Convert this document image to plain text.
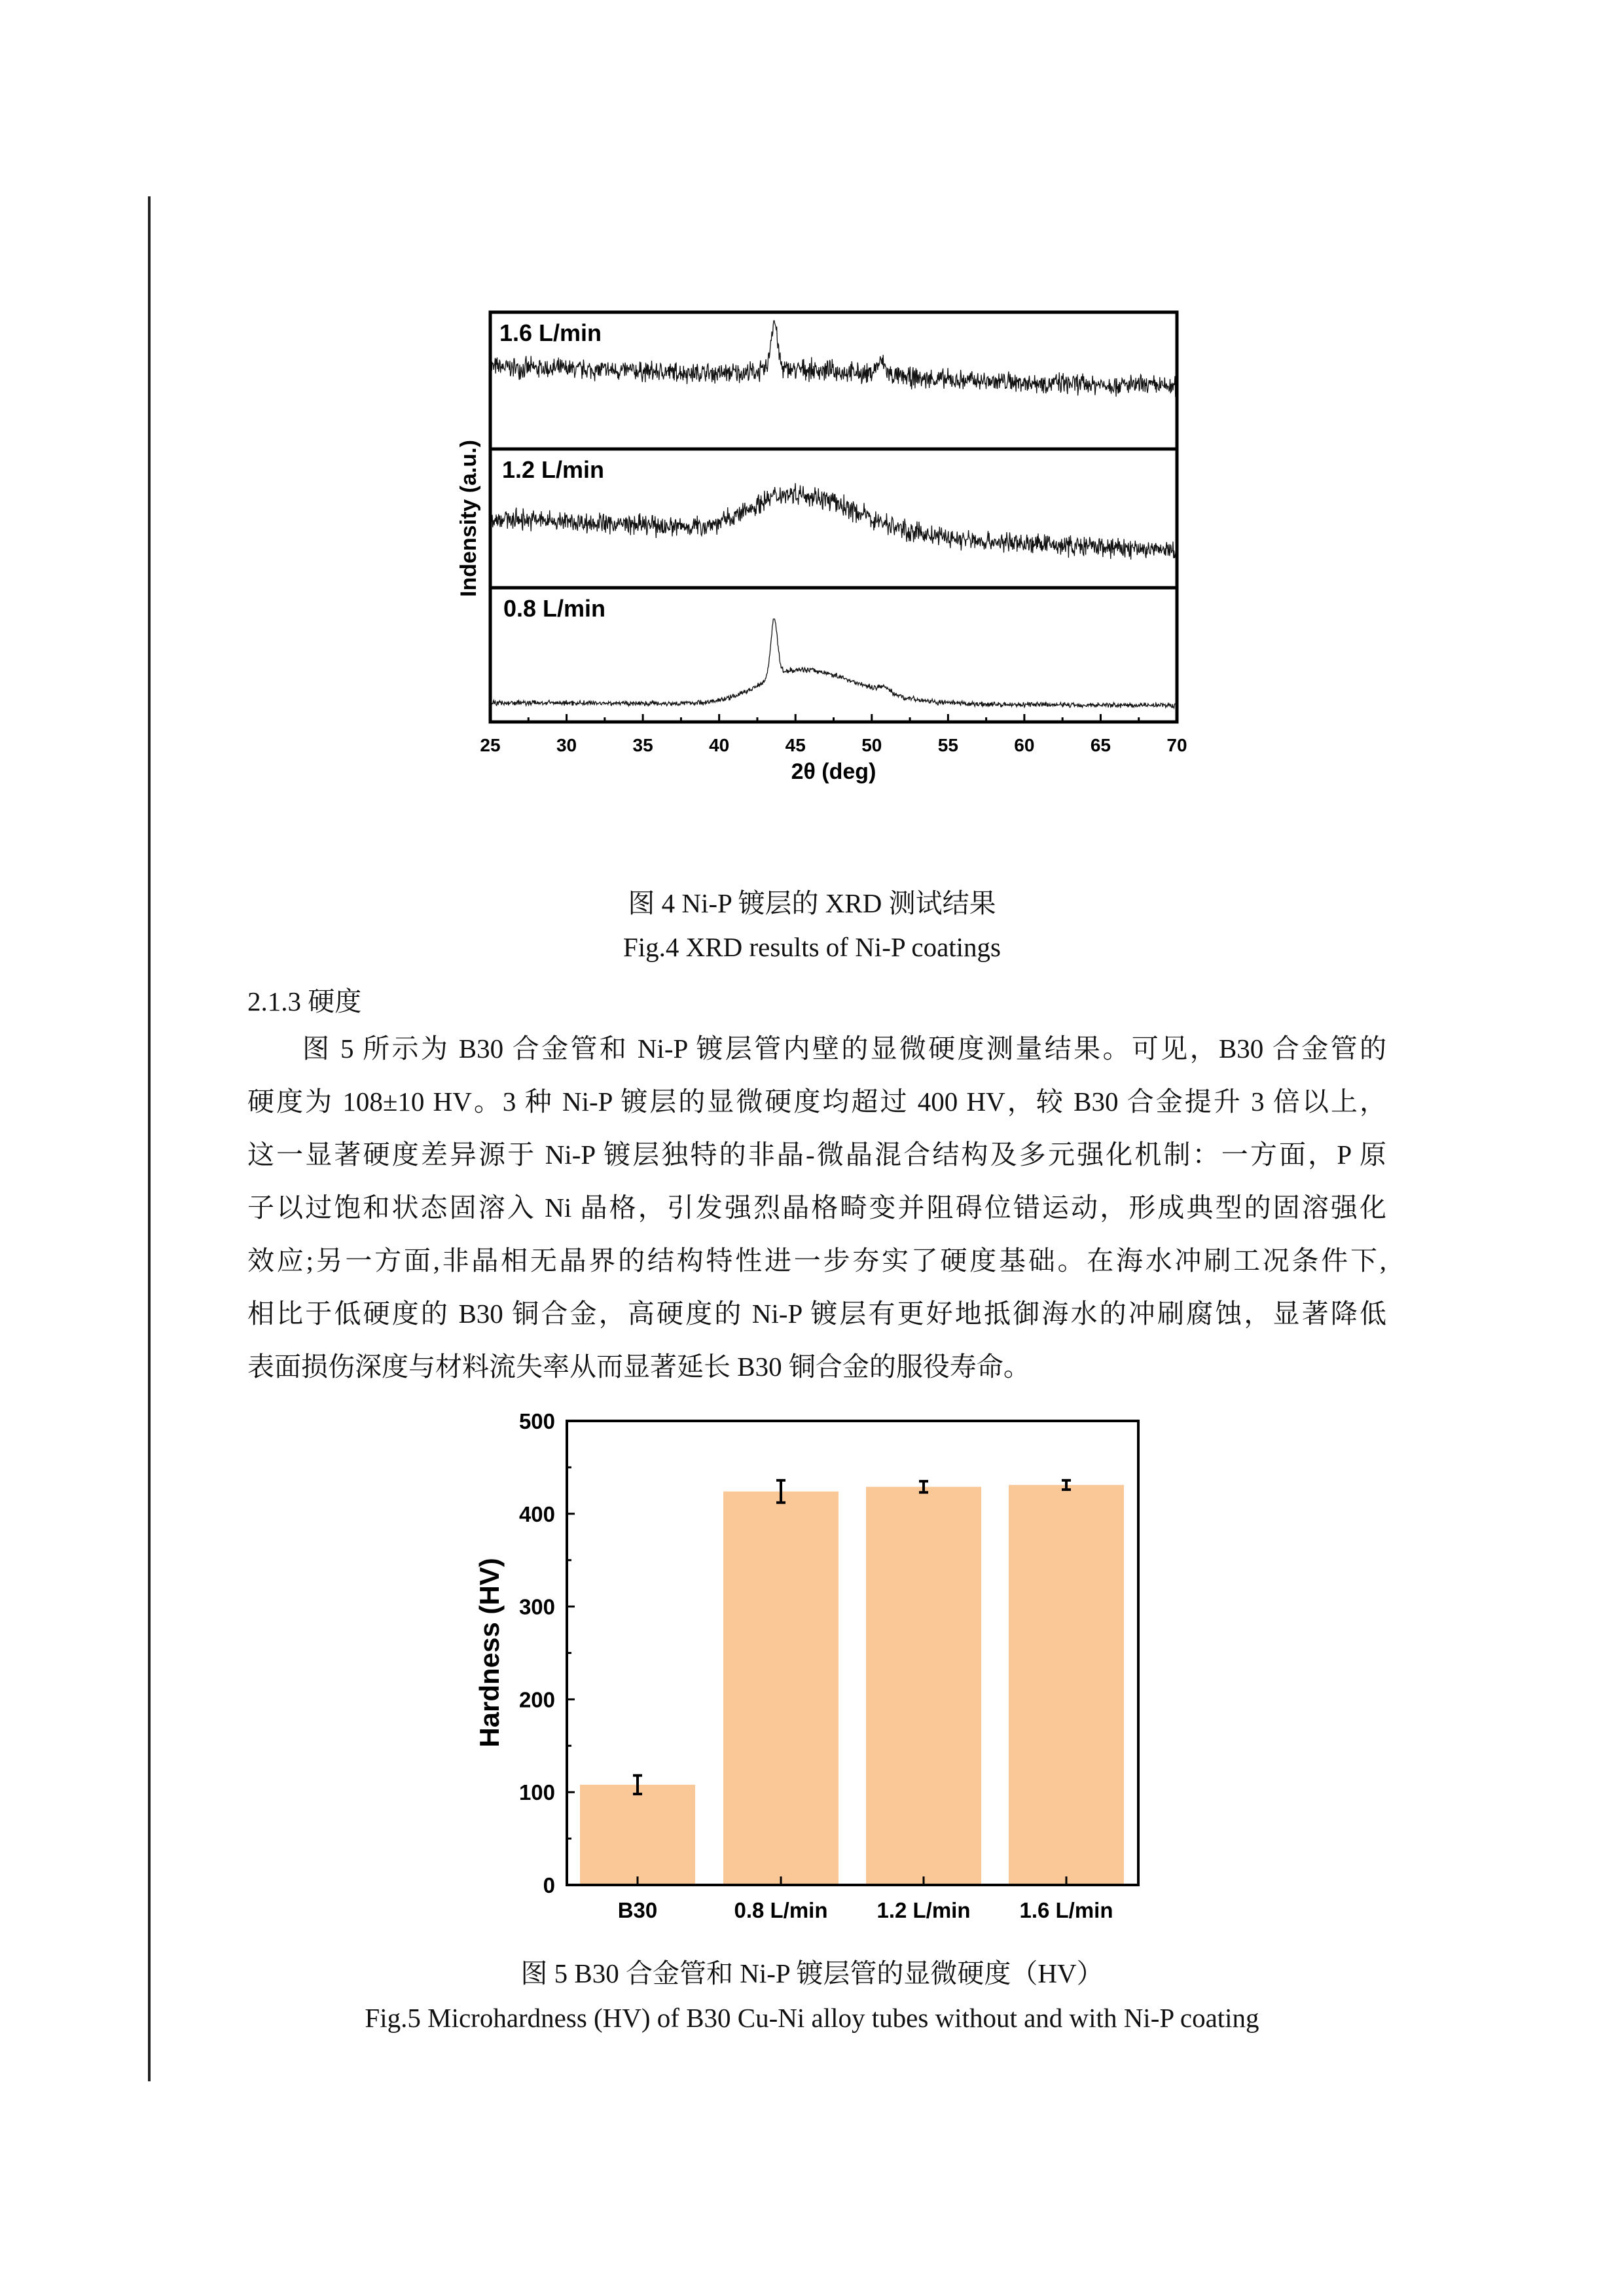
1.6 L/min
1.2 L/min
0.8 L/min
25	30	35	40	45	50	55	60	65	70
2θ (deg)
Indensity (a.u.)
图 4 Ni-P 镀层的 XRD 测试结果
Fig.4 XRD results of Ni-P coatings
2.1.3 硬度
图 5 所示为 B30 合金管和 Ni-P 镀层管内壁的显微硬度测量结果。可见，B30 合金管的
硬度为 108±10 HV。3 种 Ni-P 镀层的显微硬度均超过 400 HV，较 B30 合金提升 3 倍以上，
这一显著硬度差异源于 Ni-P 镀层独特的非晶-微晶混合结构及多元强化机制：一方面，P 原
子以过饱和状态固溶入 Ni 晶格，引发强烈晶格畸变并阻碍位错运动，形成典型的固溶强化
效应;另一方面,非晶相无晶界的结构特性进一步夯实了硬度基础。在海水冲刷工况条件下,
相比于低硬度的 B30 铜合金，高硬度的 Ni-P 镀层有更好地抵御海水的冲刷腐蚀，显著降低
表面损伤深度与材料流失率从而显著延长 B30 铜合金的服役寿命。
B30	0.8 L/min 1.2 L/min 1.6 L/min
0
100
200
300
400
500
Hardness (HV)
图 5 B30 合金管和 Ni-P 镀层管的显微硬度（HV）
Fig.5 Microhardness (HV) of B30 Cu-Ni alloy tubes without and with Ni-P coating
